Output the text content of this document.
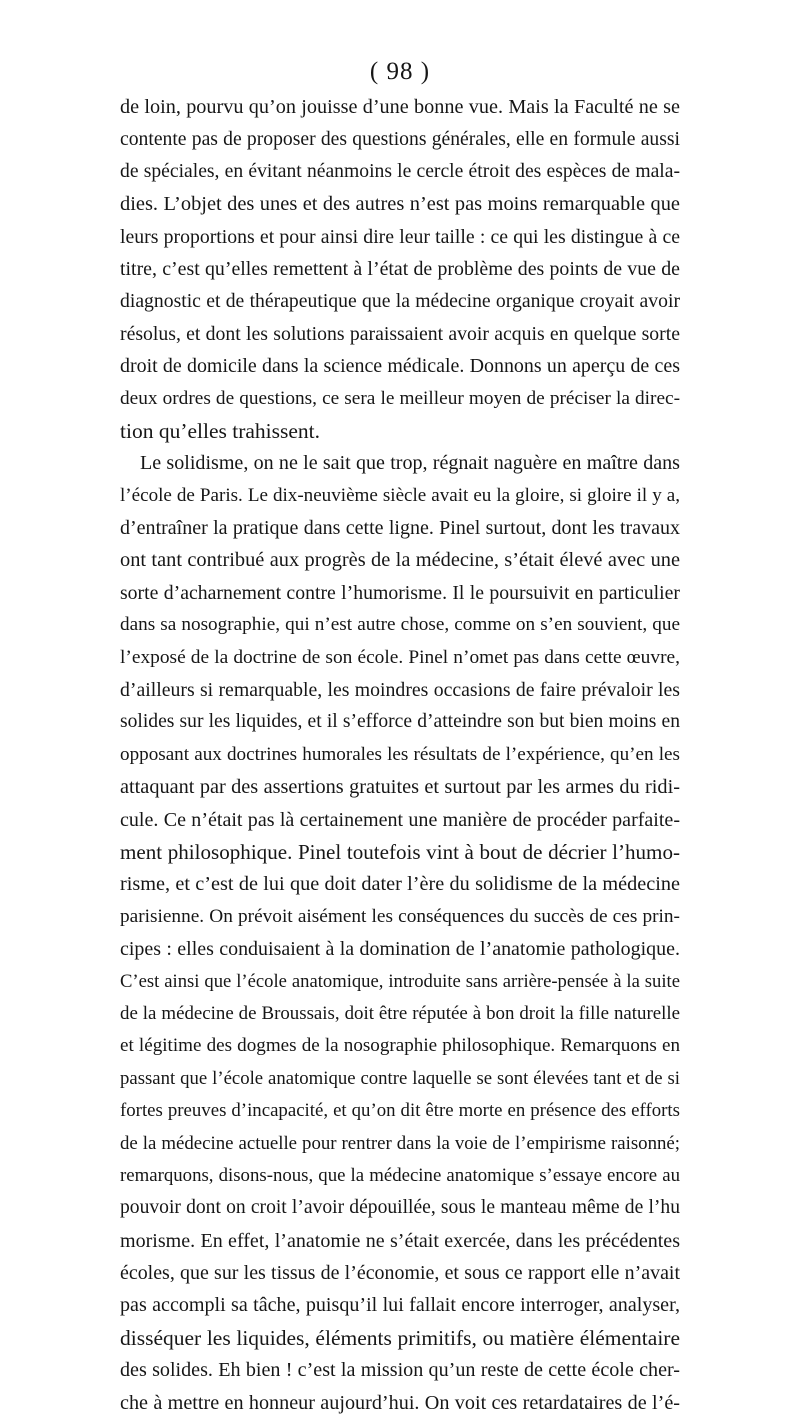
( 98 )
de loin, pourvu qu’on jouisse d’une bonne vue. Mais la Faculté ne se
contente pas de proposer des questions générales, elle en formule aussi
de spéciales, en évitant néanmoins le cercle étroit des espèces de mala-
dies. L’objet des unes et des autres n’est pas moins remarquable que
leurs proportions et pour ainsi dire leur taille : ce qui les distingue à ce
titre, c’est qu’elles remettent à l’état de problème des points de vue de
diagnostic et de thérapeutique que la médecine organique croyait avoir
résolus, et dont les solutions paraissaient avoir acquis en quelque sorte
droit de domicile dans la science médicale. Donnons un aperçu de ces
deux ordres de questions, ce sera le meilleur moyen de préciser la direc-
tion qu’elles trahissent.
Le solidisme, on ne le sait que trop, régnait naguère en maître dans
l’école de Paris. Le dix-neuvième siècle avait eu la gloire, si gloire il y a,
d’entraîner la pratique dans cette ligne. Pinel surtout, dont les travaux
ont tant contribué aux progrès de la médecine, s’était élevé avec une
sorte d’acharnement contre l’humorisme. Il le poursuivit en particulier
dans sa nosographie, qui n’est autre chose, comme on s’en souvient, que
l’exposé de la doctrine de son école. Pinel n’omet pas dans cette œuvre,
d’ailleurs si remarquable, les moindres occasions de faire prévaloir les
solides sur les liquides, et il s’efforce d’atteindre son but bien moins en
opposant aux doctrines humorales les résultats de l’expérience, qu’en les
attaquant par des assertions gratuites et surtout par les armes du ridi-
cule. Ce n’était pas là certainement une manière de procéder parfaite-
ment philosophique. Pinel toutefois vint à bout de décrier l’humo-
risme, et c’est de lui que doit dater l’ère du solidisme de la médecine
parisienne. On prévoit aisément les conséquences du succès de ces prin-
cipes : elles conduisaient à la domination de l’anatomie pathologique.
C’est ainsi que l’école anatomique, introduite sans arrière-pensée à la suite
de la médecine de Broussais, doit être réputée à bon droit la fille naturelle
et légitime des dogmes de la nosographie philosophique. Remarquons en
passant que l’école anatomique contre laquelle se sont élevées tant et de si
fortes preuves d’incapacité, et qu’on dit être morte en présence des efforts
de la médecine actuelle pour rentrer dans la voie de l’empirisme raisonné;
remarquons, disons-nous, que la médecine anatomique s’essaye encore au
pouvoir dont on croit l’avoir dépouillée, sous le manteau même de l’hu
morisme. En effet, l’anatomie ne s’était exercée, dans les précédentes
écoles, que sur les tissus de l’économie, et sous ce rapport elle n’avait
pas accompli sa tâche, puisqu’il lui fallait encore interroger, analyser,
disséquer les liquides, éléments primitifs, ou matière élémentaire
des solides. Eh bien ! c’est la mission qu’un reste de cette école cher-
che à mettre en honneur aujourd’hui. On voit ces retardataires de l’é-
